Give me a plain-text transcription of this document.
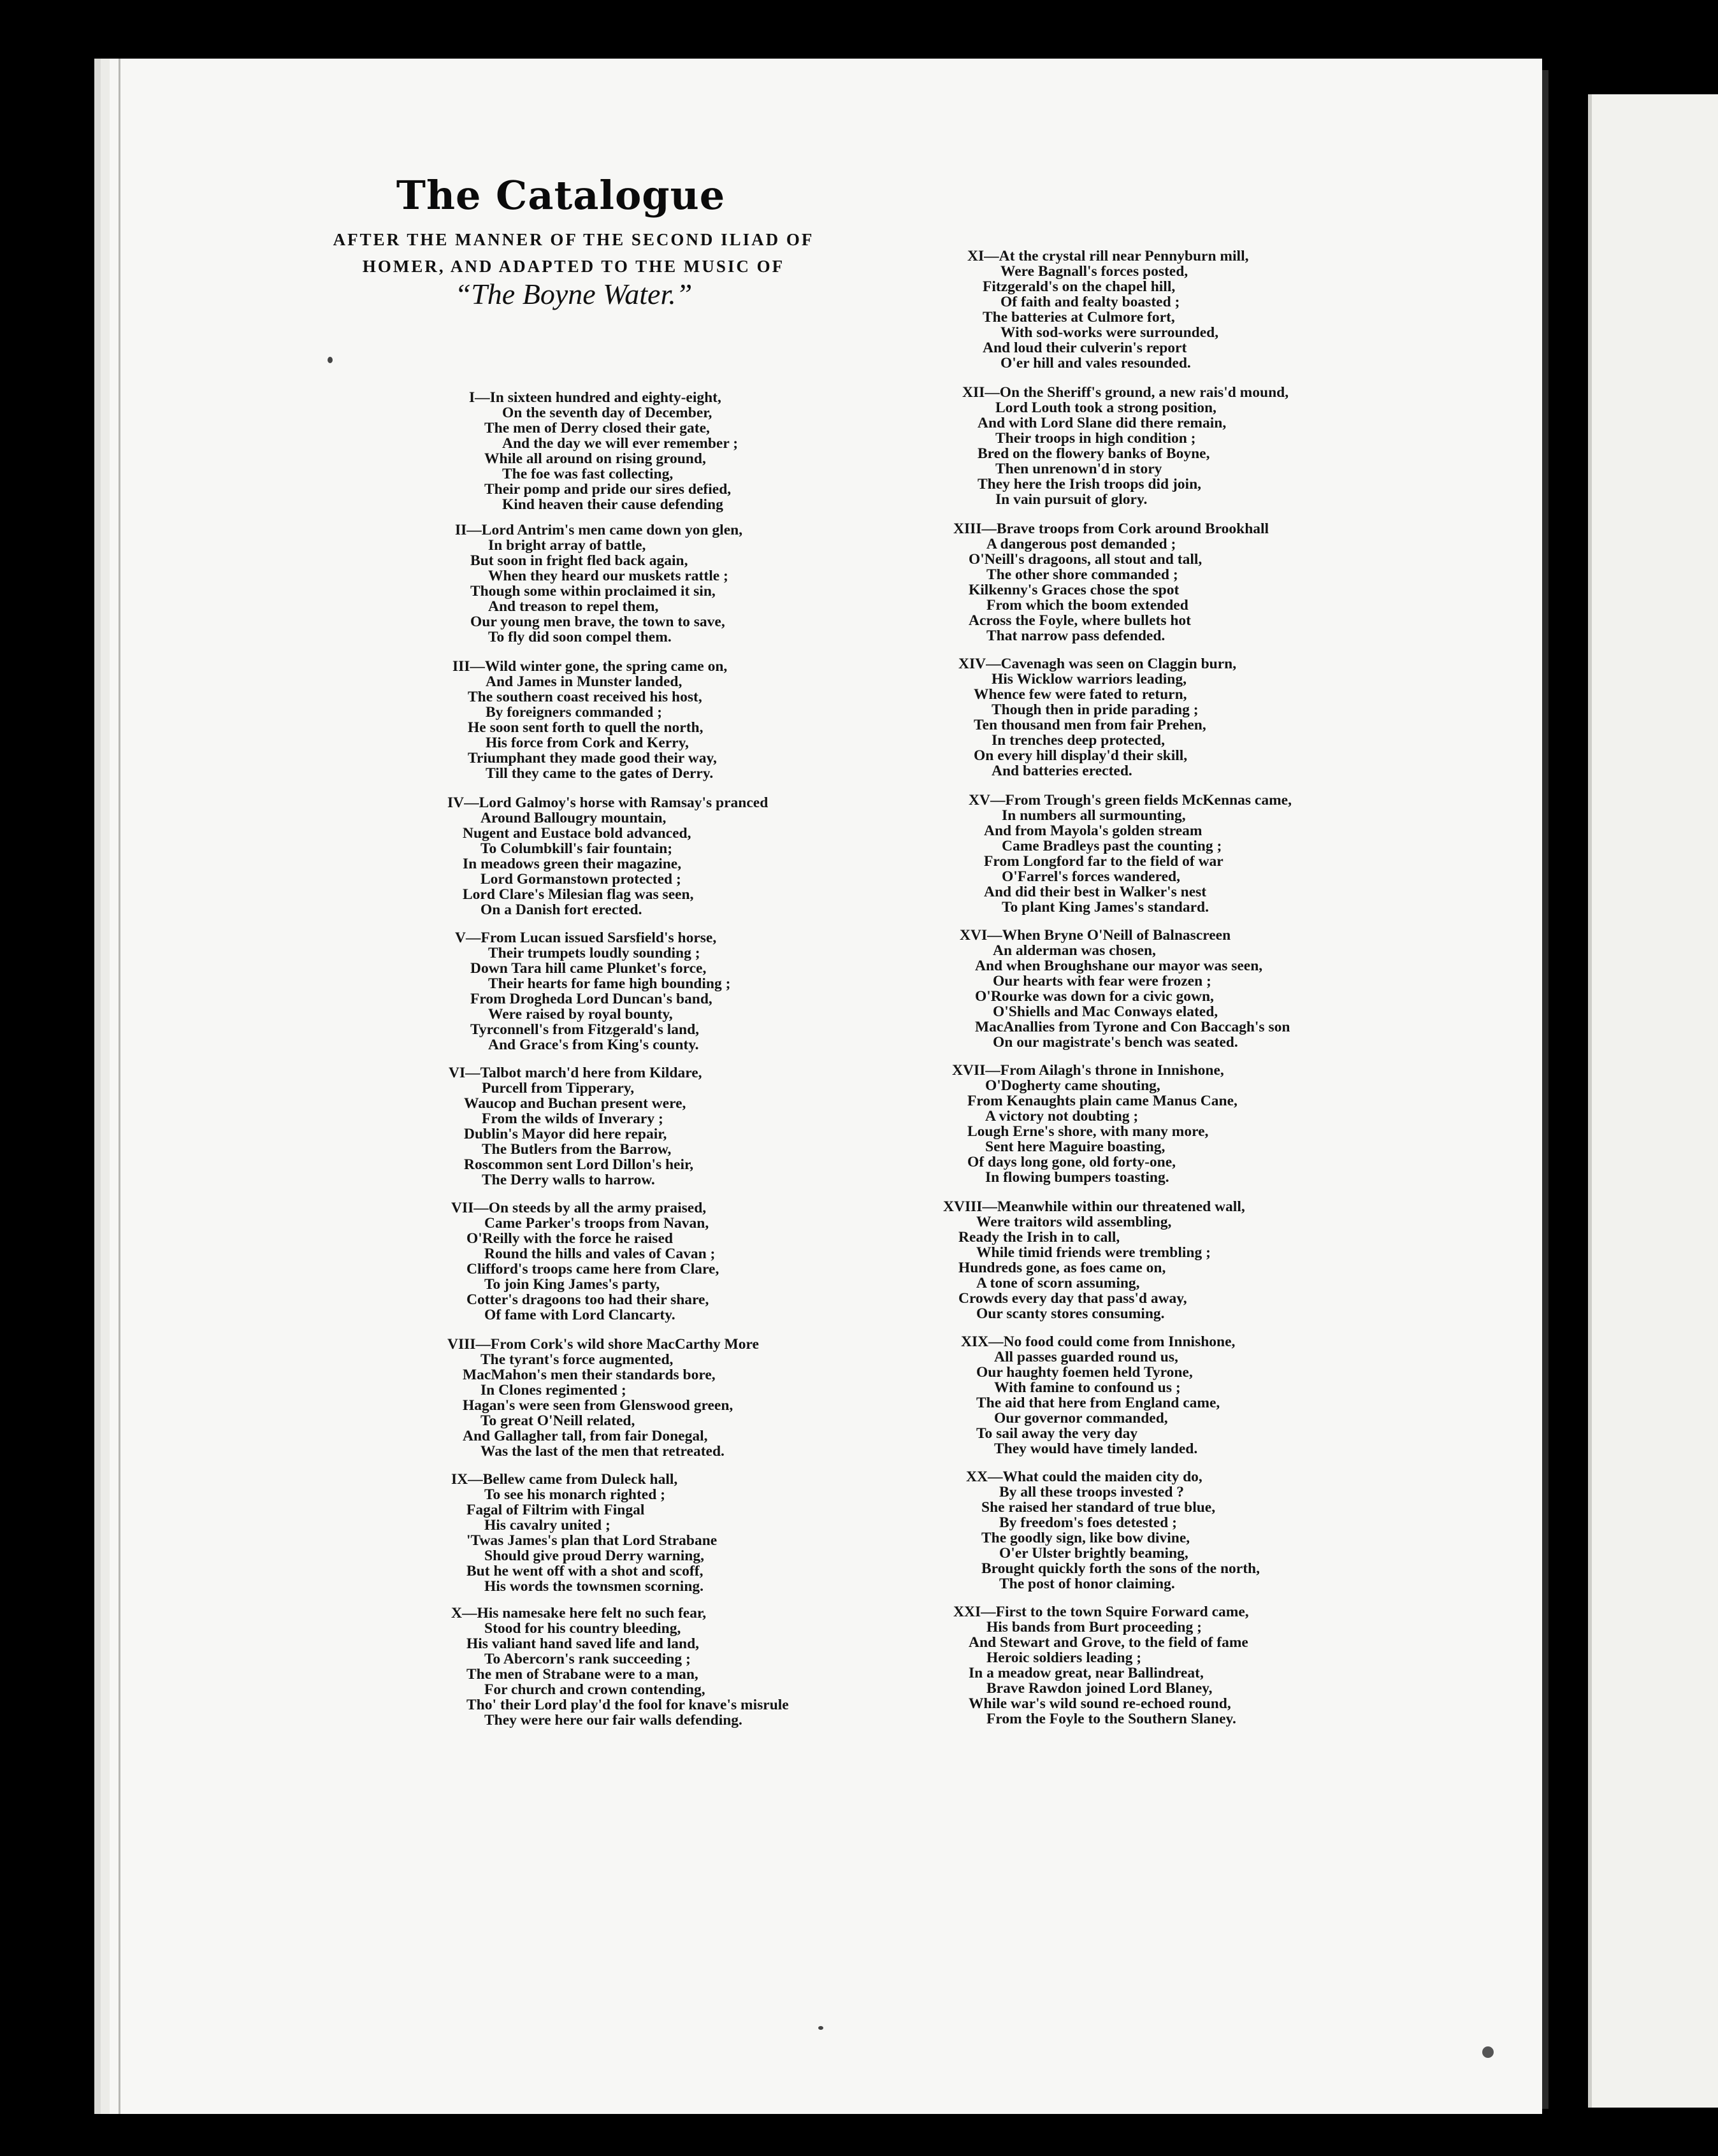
The Catalogue
AFTER THE MANNER OF THE SECOND ILIAD OF
HOMER, AND ADAPTED TO THE MUSIC OF
“The Boyne Water.”
I—In sixteen hundred and eighty-eight,
On the seventh day of December,
The men of Derry closed their gate,
And the day we will ever remember ;
While all around on rising ground,
The foe was fast collecting,
Their pomp and pride our sires defied,
Kind heaven their cause defending
II—Lord Antrim's men came down yon glen,
In bright array of battle,
But soon in fright fled back again,
When they heard our muskets rattle ;
Though some within proclaimed it sin,
And treason to repel them,
Our young men brave, the town to save,
To fly did soon compel them.
III—Wild winter gone, the spring came on,
And James in Munster landed,
The southern coast received his host,
By foreigners commanded ;
He soon sent forth to quell the north,
His force from Cork and Kerry,
Triumphant they made good their way,
Till they came to the gates of Derry.
IV—Lord Galmoy's horse with Ramsay's pranced
Around Ballougry mountain,
Nugent and Eustace bold advanced,
To Columbkill's fair fountain;
In meadows green their magazine,
Lord Gormanstown protected ;
Lord Clare's Milesian flag was seen,
On a Danish fort erected.
V—From Lucan issued Sarsfield's horse,
Their trumpets loudly sounding ;
Down Tara hill came Plunket's force,
Their hearts for fame high bounding ;
From Drogheda Lord Duncan's band,
Were raised by royal bounty,
Tyrconnell's from Fitzgerald's land,
And Grace's from King's county.
VI—Talbot march'd here from Kildare,
Purcell from Tipperary,
Waucop and Buchan present were,
From the wilds of Inverary ;
Dublin's Mayor did here repair,
The Butlers from the Barrow,
Roscommon sent Lord Dillon's heir,
The Derry walls to harrow.
VII—On steeds by all the army praised,
Came Parker's troops from Navan,
O'Reilly with the force he raised
Round the hills and vales of Cavan ;
Clifford's troops came here from Clare,
To join King James's party,
Cotter's dragoons too had their share,
Of fame with Lord Clancarty.
VIII—From Cork's wild shore MacCarthy More
The tyrant's force augmented,
MacMahon's men their standards bore,
In Clones regimented ;
Hagan's were seen from Glenswood green,
To great O'Neill related,
And Gallagher tall, from fair Donegal,
Was the last of the men that retreated.
IX—Bellew came from Duleck hall,
To see his monarch righted ;
Fagal of Filtrim with Fingal
His cavalry united ;
'Twas James's plan that Lord Strabane
Should give proud Derry warning,
But he went off with a shot and scoff,
His words the townsmen scorning.
X—His namesake here felt no such fear,
Stood for his country bleeding,
His valiant hand saved life and land,
To Abercorn's rank succeeding ;
The men of Strabane were to a man,
For church and crown contending,
Tho' their Lord play'd the fool for knave's misrule
They were here our fair walls defending.
XI—At the crystal rill near Pennyburn mill,
Were Bagnall's forces posted,
Fitzgerald's on the chapel hill,
Of faith and fealty boasted ;
The batteries at Culmore fort,
With sod-works were surrounded,
And loud their culverin's report
O'er hill and vales resounded.
XII—On the Sheriff's ground, a new rais'd mound,
Lord Louth took a strong position,
And with Lord Slane did there remain,
Their troops in high condition ;
Bred on the flowery banks of Boyne,
Then unrenown'd in story
They here the Irish troops did join,
In vain pursuit of glory.
XIII—Brave troops from Cork around Brookhall
A dangerous post demanded ;
O'Neill's dragoons, all stout and tall,
The other shore commanded ;
Kilkenny's Graces chose the spot
From which the boom extended
Across the Foyle, where bullets hot
That narrow pass defended.
XIV—Cavenagh was seen on Claggin burn,
His Wicklow warriors leading,
Whence few were fated to return,
Though then in pride parading ;
Ten thousand men from fair Prehen,
In trenches deep protected,
On every hill display'd their skill,
And batteries erected.
XV—From Trough's green fields McKennas came,
In numbers all surmounting,
And from Mayola's golden stream
Came Bradleys past the counting ;
From Longford far to the field of war
O'Farrel's forces wandered,
And did their best in Walker's nest
To plant King James's standard.
XVI—When Bryne O'Neill of Balnascreen
An alderman was chosen,
And when Broughshane our mayor was seen,
Our hearts with fear were frozen ;
O'Rourke was down for a civic gown,
O'Shiells and Mac Conways elated,
MacAnallies from Tyrone and Con Baccagh's son
On our magistrate's bench was seated.
XVII—From Ailagh's throne in Innishone,
O'Dogherty came shouting,
From Kenaughts plain came Manus Cane,
A victory not doubting ;
Lough Erne's shore, with many more,
Sent here Maguire boasting,
Of days long gone, old forty-one,
In flowing bumpers toasting.
XVIII—Meanwhile within our threatened wall,
Were traitors wild assembling,
Ready the Irish in to call,
While timid friends were trembling ;
Hundreds gone, as foes came on,
A tone of scorn assuming,
Crowds every day that pass'd away,
Our scanty stores consuming.
XIX—No food could come from Innishone,
All passes guarded round us,
Our haughty foemen held Tyrone,
With famine to confound us ;
The aid that here from England came,
Our governor commanded,
To sail away the very day
They would have timely landed.
XX—What could the maiden city do,
By all these troops invested ?
She raised her standard of true blue,
By freedom's foes detested ;
The goodly sign, like bow divine,
O'er Ulster brightly beaming,
Brought quickly forth the sons of the north,
The post of honor claiming.
XXI—First to the town Squire Forward came,
His bands from Burt proceeding ;
And Stewart and Grove, to the field of fame
Heroic soldiers leading ;
In a meadow great, near Ballindreat,
Brave Rawdon joined Lord Blaney,
While war's wild sound re-echoed round,
From the Foyle to the Southern Slaney.
